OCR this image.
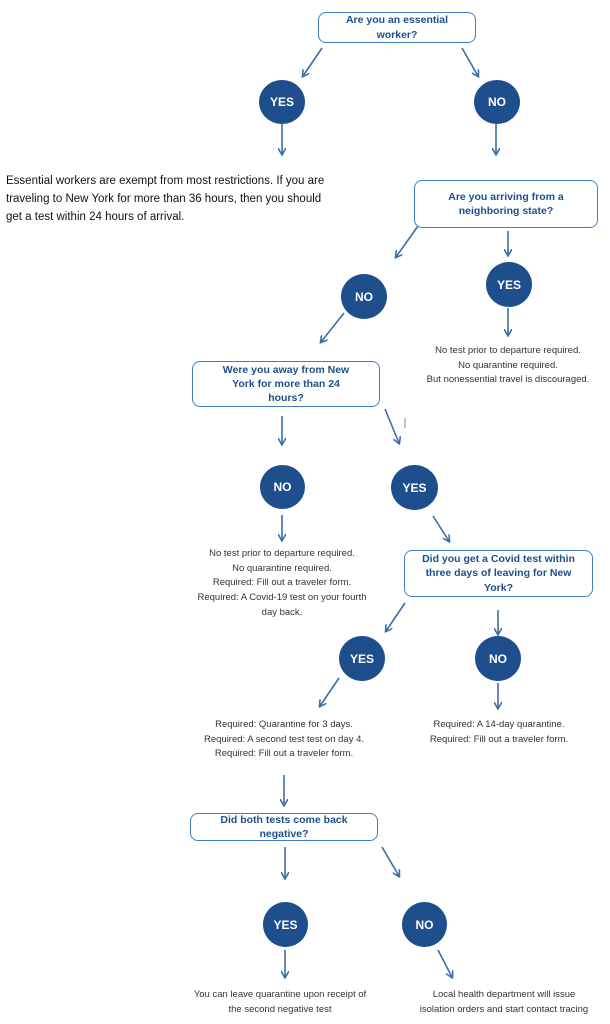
Are you an essential worker?
Are you arriving from a neighboring state?
Were you away from New York for more than 24 hours?
Did you get a Covid test within three days of leaving for New York?
Did both tests come back negative?
YES	NO
YES
NO
NO	YES
YES	NO
YES	NO
Essential workers are exempt from most restrictions. If you are
traveling to New York for more than 36 hours, then you should
get a test within 24 hours of arrival.
No test prior to departure required.
No quarantine required.
But nonessential travel is discouraged.
No test prior to departure required.
No quarantine required.
Required: Fill out a traveler form.
Required: A Covid-19 test on your fourth
day back.
Required: Quarantine for 3 days.
Required: A second test test on day 4.
Required: Fill out a traveler form.
Required: A 14-day quarantine.
Required: Fill out a traveler form.
You can leave quarantine upon receipt of
the second negative test
Local health department will issue
isolation orders and start contact tracing
